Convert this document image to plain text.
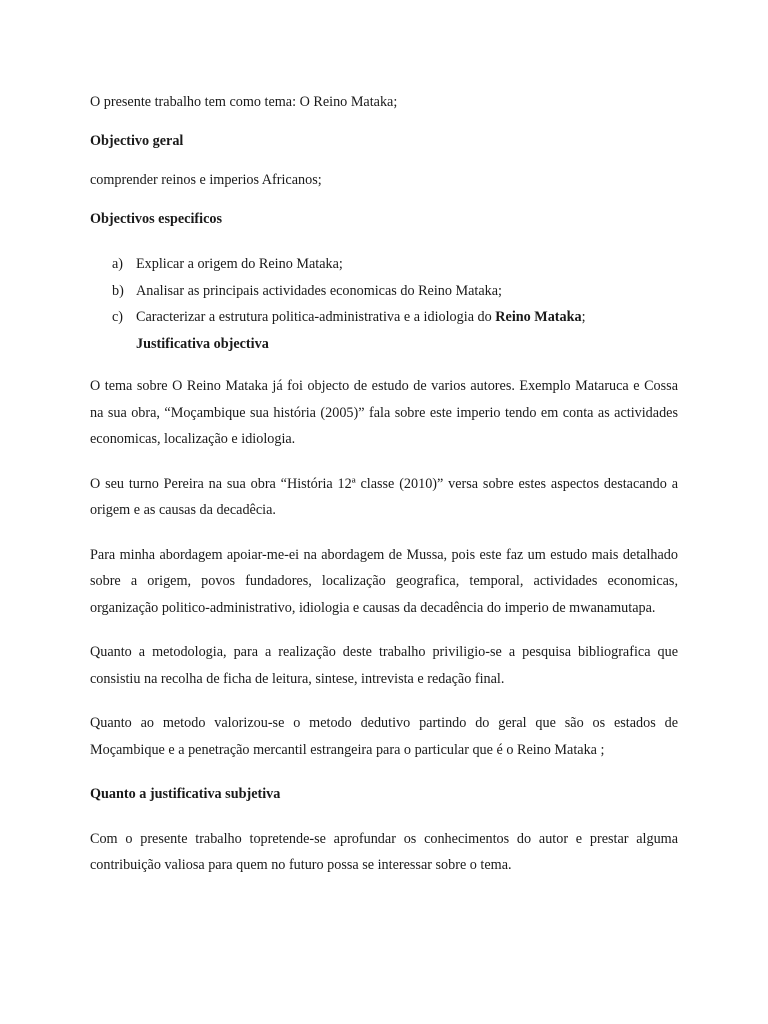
O presente trabalho tem como tema: O Reino Mataka;

Objectivo geral

comprender reinos e imperios Africanos;

Objectivos especificos

a) Explicar a origem do Reino Mataka;
b) Analisar as principais actividades economicas do Reino Mataka;
c) Caracterizar a estrutura politica-administrativa e a idiologia do Reino Mataka;

Justificativa objectiva

O tema sobre O Reino Mataka já foi objecto de estudo de varios autores. Exemplo Mataruca e Cossa na sua obra, “Moçambique sua história (2005)” fala sobre este imperio tendo em conta as actividades economicas, localização e idiologia.

O seu turno Pereira na sua obra “História 12ª classe (2010)” versa sobre estes aspectos destacando a origem e as causas da decadêcia.

Para minha abordagem apoiar-me-ei na abordagem de Mussa, pois este faz um estudo mais detalhado sobre a origem, povos fundadores, localização geografica, temporal, actividades economicas, organização politico-administrativo, idiologia e causas da decadência do imperio de mwanamutapa.

Quanto a metodologia, para a realização deste trabalho priviligio-se a pesquisa bibliografica que consistiu na recolha de ficha de leitura, sintese, intrevista e redação final.

Quanto ao metodo valorizou-se o metodo dedutivo partindo do geral que são os estados de Moçambique e a penetração mercantil estrangeira para o particular que é o Reino Mataka ;

Quanto a justificativa subjetiva

Com o presente trabalho topretende-se aprofundar os conhecimentos do autor e prestar alguma contribuição valiosa para quem no futuro possa se interessar sobre o tema.
